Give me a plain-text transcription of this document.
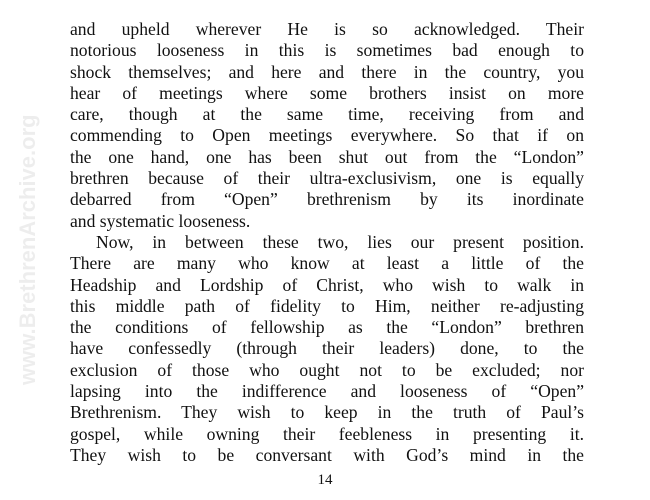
www.BrethrenArchive.org
and upheld wherever He is so acknowledged. Their
notorious looseness in this is sometimes bad enough to
shock themselves; and here and there in the country, you
hear of meetings where some brothers insist on more
care, though at the same time, receiving from and
commending to Open meetings everywhere. So that if on
the one hand, one has been shut out from the “London”
brethren because of their ultra-exclusivism, one is equally
debarred from “Open” brethrenism by its inordinate
and systematic looseness.
Now, in between these two, lies our present position.
There are many who know at least a little of the
Headship and Lordship of Christ, who wish to walk in
this middle path of fidelity to Him, neither re-adjusting
the conditions of fellowship as the “London” brethren
have confessedly (through their leaders) done, to the
exclusion of those who ought not to be excluded; nor
lapsing into the indifference and looseness of “Open”
Brethrenism. They wish to keep in the truth of Paul’s
gospel, while owning their feebleness in presenting it.
They wish to be conversant with God’s mind in the
14
